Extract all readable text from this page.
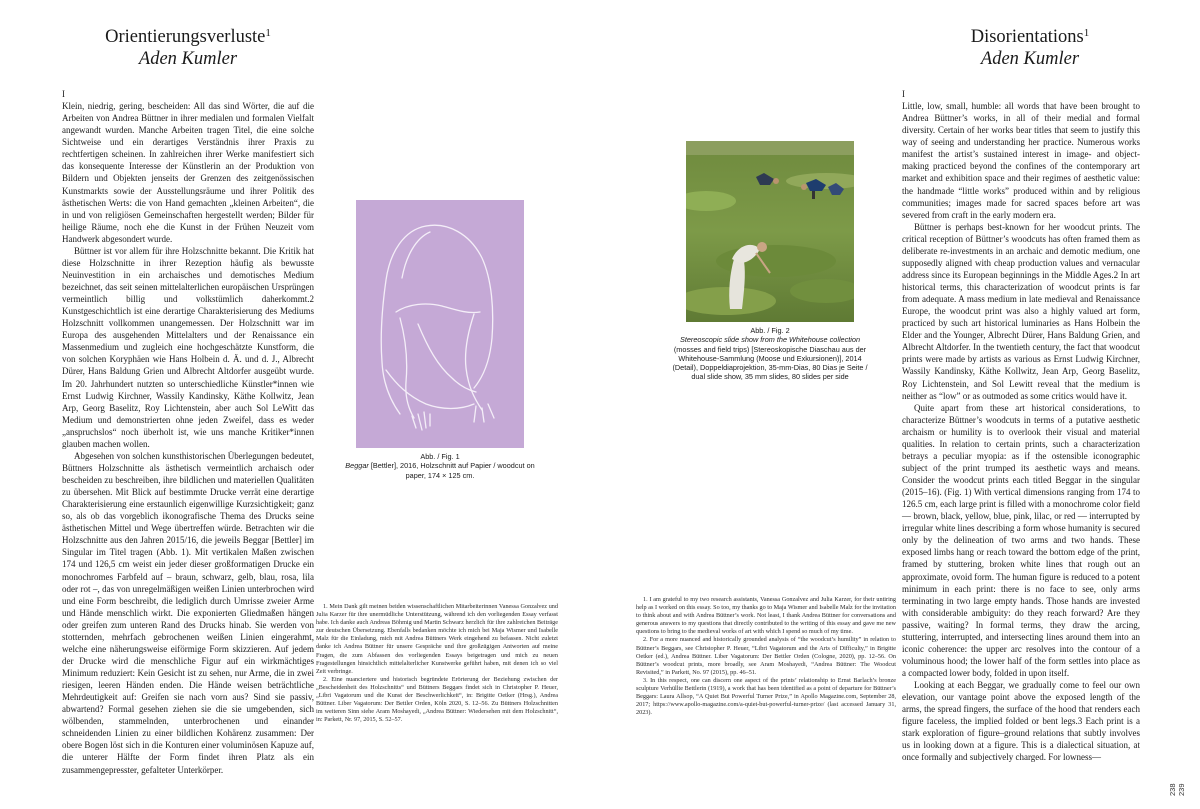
Orientierungsverluste$^1$
Aden Kumler
Disorientations$^1$
Aden Kumler
I

Klein, niedrig, gering, bescheiden: All das sind Wörter, die auf die Arbeiten von Andrea Büttner in ihrer medialen und formalen Vielfalt angewandt wurden. Manche Arbeiten tragen Titel, die eine solche Sichtweise und ein derartiges Verständnis ihrer Praxis zu rechtfertigen scheinen. In zahlreichen ihrer Werke manifestiert sich das konsequente Interesse der Künstlerin an der Produktion von Bildern und Objekten jenseits der Grenzen des zeitgenössischen Kunstmarkts sowie der Ausstellungsräume und ihrer Politik des ästhetischen Werts: die von Hand gemachten „kleinen Arbeiten“, die in und von religiösen Gemeinschaften hergestellt werden; Bilder für heilige Räume, noch ehe die Kunst in der Frühen Neuzeit vom Handwerk abgesondert wurde.

Büttner ist vor allem für ihre Holzschnitte bekannt. Die Kritik hat diese Holzschnitte in ihrer Rezeption häufig als bewusste Neuinvestition in ein archaisches und demotisches Medium bezeichnet, das seit seinen mittelalterlichen europäischen Ursprüngen vermeintlich billig und volkstümlich daherkommt.2 Kunstgeschichtlich ist eine derartige Charakterisierung des Mediums Holzschnitt vollkommen unangemessen. Der Holzschnitt war im Europa des ausgehenden Mittelalters und der Renaissance ein Massenmedium und zugleich eine hochgeschätzte Kunstform, die von solchen Koryphäen wie Hans Holbein d. Ä. und d. J., Albrecht Dürer, Hans Baldung Grien und Albrecht Altdorfer ausgeübt wurde. Im 20. Jahrhundert nutzten so unterschiedliche Künstler*innen wie Ernst Ludwig Kirchner, Wassily Kandinsky, Käthe Kollwitz, Jean Arp, Georg Baselitz, Roy Lichtenstein, aber auch Sol LeWitt das Medium und demonstrierten ohne jeden Zweifel, dass es weder „anspruchslos“ noch überholt ist, wie uns manche Kritiker*innen glauben machen wollen.

Abgesehen von solchen kunsthistorischen Überlegungen bedeutet, Büttners Holzschnitte als ästhetisch vermeintlich archaisch oder bescheiden zu beschreiben, ihre bildlichen und materiellen Qualitäten zu übersehen. Mit Blick auf bestimmte Drucke verrät eine derartige Charakterisierung eine erstaunlich eigenwillige Kurzsichtigkeit; ganz so, als ob das vorgeblich ikonografische Thema des Drucks seine ästhetischen Mittel und Wege übertreffen würde. Betrachten wir die Holzschnitte aus den Jahren 2015/16, die jeweils Beggar [Bettler] im Singular im Titel tragen (Abb. 1). Mit vertikalen Maßen zwischen 174 und 126,5 cm weist ein jeder dieser großformatigen Drucke ein monochromes Farbfeld auf – braun, schwarz, gelb, blau, rosa, lila oder rot –, das von unregelmäßigen weißen Linien unterbrochen wird und eine Form beschreibt, die lediglich durch Umrisse zweier Arme und Hände menschlich wirkt. Die exponierten Gliedmaßen hängen oder greifen zum unteren Rand des Drucks hinab. Sie werden von stotternden, mehrfach gebrochenen weißen Linien eingerahmt, welche eine näherungsweise eiförmige Form skizzieren. Auf jedem der Drucke wird die menschliche Figur auf ein wirkmächtiges Minimum reduziert: Kein Gesicht ist zu sehen, nur Arme, die in zwei riesigen, leeren Händen enden. Die Hände weisen beträchtliche Mehrdeutigkeit auf: Greifen sie nach vorn aus? Sind sie passiv, abwartend? Formal gesehen ziehen sie die sie umgebenden, sich wölbenden, stammelnden, unterbrochenen und einander schneidenden Linien zu einer bildlichen Kohärenz zusammen: Der obere Bogen löst sich in die Konturen einer voluminösen Kapuze auf, die unterer Hälfte der Form findet ihren Platz als ein zusammengepresster, gefalteter Unterkörper.

Abb. / Fig. 1
Beggar [Bettler], 2016, Holzschnitt auf Papier / woodcut on paper, 174 × 125 cm.
Abb. / Fig. 2
Stereoscopic slide show from the Whitehouse collection (mosses and field trips) [Stereoskopische Diaschau aus der Whitehouse-Sammlung (Moose und Exkursionen)], 2014 (Detail), Doppeldiaprojektion, 35-mm-Dias, 80 Dias je Seite / dual slide show, 35 mm slides, 80 slides per side

1. Mein Dank gilt meinen beiden wissenschaftlichen Mitarbeiterinnen Vanessa Gonzalvez und Julia Karzer für ihre unermüdliche Unterstützung, während ich den vorliegenden Essay verfasst habe. Ich danke auch Andreas Böhmig und Martin Schwarz herzlich für ihre zahlreichen Beiträge zur deutschen Übersetzung. Ebenfalls bedanken möchte ich mich bei Maja Wismer und Isabelle Malz für die Einladung, mich mit Andrea Büttners Werk eingehend zu befassen. Nicht zuletzt danke ich Andrea Büttner für unsere Gespräche und ihre großzügigen Antworten auf meine Fragen, die zum Abfassen des vorliegenden Essays beigetragen und mich zu neuen Fragestellungen hinsichtlich mittelalterlicher Kunstwerke geführt haben, mit denen ich so viel Zeit verbringe.

2. Eine nuanciertere und historisch begründete Erörterung der Beziehung zwischen der „Bescheidenheit des Holzschnitts“ und Büttners Beggars findet sich in Christopher P. Heuer, „Libri Vagatorum und die Kunst der Beschwerlichkeit“, in: Brigitte Oetker (Hrsg.), Andrea Büttner. Liber Vagatorum: Der Bettler Orden, Köln 2020, S. 12–56. Zu Büttners Holzschnitten im weiteren Sinn siehe Aram Moshayedi, „Andrea Büttner: Wiedersehen mit dem Holzschnitt“, in: Parkett, Nr. 97, 2015, S. 52–57.

1. I am grateful to my two research assistants, Vanessa Gonzalvez and Julia Karzer, for their untiring help as I worked on this essay. So too, my thanks go to Maja Wismer and Isabelle Malz for the invitation to think about and with Andrea Büttner’s work. Not least, I thank Andrea Büttner for conversations and generous answers to my questions that directly contributed to the writing of this essay and gave me new questions to bring to the medieval works of art with which I spend so much of my time.

2. For a more nuanced and historically grounded analysis of “the woodcut’s humility” in relation to Büttner’s Beggars, see Christopher P. Heuer, “Libri Vagatorum and the Arts of Difficulty,” in Brigitte Oetker (ed.), Andrea Büttner. Liber Vagatorum: Der Bettler Orden (Cologne, 2020), pp. 12–56. On Büttner’s woodcut prints, more broadly, see Aram Moshayedi, “Andrea Büttner: The Woodcut Revisited,” in Parkett, No. 97 (2015), pp. 46–51.

3. In this respect, one can discern one aspect of the prints’ relationship to Ernst Barlach’s bronze sculpture Verhüllte Bettlerin (1919), a work that has been identified as a point of departure for Büttner’s Beggars: Laura Allsop, “A Quiet But Powerful Turner Prize,” in Apollo Magazine.com, September 28, 2017; https://www.apollo-magazine.com/a-quiet-but-powerful-turner-prize/ (last accessed January 31, 2023).

I

Little, low, small, humble: all words that have been brought to Andrea Büttner’s works, in all of their medial and formal diversity. Certain of her works bear titles that seem to justify this way of seeing and understanding her practice. Numerous works manifest the artist’s sustained interest in image- and object-making practiced beyond the confines of the contemporary art market and exhibition space and their regimes of aesthetic value: the handmade “little works” produced within and by religious communities; images made for sacred spaces before art was severed from craft in the early modern era.

Büttner is perhaps best-known for her woodcut prints. The critical reception of Büttner’s woodcuts has often framed them as deliberate re-investments in an archaic and demotic medium, one supposedly aligned with cheap production values and vernacular address since its European beginnings in the Middle Ages.2 In art historical terms, this characterization of woodcut prints is far from adequate. A mass medium in late medieval and Renaissance Europe, the woodcut print was also a highly valued art form, practiced by such art historical luminaries as Hans Holbein the Elder and the Younger, Albrecht Dürer, Hans Baldung Grien, and Albrecht Altdorfer. In the twentieth century, the fact that woodcut prints were made by artists as various as Ernst Ludwig Kirchner, Wassily Kandinsky, Käthe Kollwitz, Jean Arp, Georg Baselitz, Roy Lichtenstein, and Sol Lewitt reveal that the medium is neither as “low” or as outmoded as some critics would have it.

Quite apart from these art historical considerations, to characterize Büttner’s woodcuts in terms of a putative aesthetic archaism or humility is to overlook their visual and material qualities. In relation to certain prints, such a characterization betrays a peculiar myopia: as if the ostensible iconographic subject of the print trumped its aesthetic ways and means. Consider the woodcut prints each titled Beggar in the singular (2015–16). (Fig. 1) With vertical dimensions ranging from 174 to 126.5 cm, each large print is filled with a monochrome color field — brown, black, yellow, blue, pink, lilac, or red — interrupted by irregular white lines describing a form whose humanity is secured only by the delineation of two arms and two hands. These exposed limbs hang or reach toward the bottom edge of the print, framed by stuttering, broken white lines that rough out an approximate, ovoid form. The human figure is reduced to a potent minimum in each print: there is no face to see, only arms terminating in two large empty hands. Those hands are invested with considerable ambiguity: do they reach forward? Are they passive, waiting? In formal terms, they draw the arcing, stuttering, interrupted, and intersecting lines around them into an iconic coherence: the upper arc resolves into the contour of a voluminous hood; the lower half of the form settles into place as a compacted lower body, folded in upon itself.

Looking at each Beggar, we gradually come to feel our own elevation, our vantage point above the exposed length of the arms, the spread fingers, the surface of the hood that renders each figure faceless, the implied folded or bent legs.3 Each print is a stark exploration of figure–ground relations that subtly involves us in looking down at a figure. This is a dialectical situation, at once formally and subjectively charged. For lowness—

238 239
